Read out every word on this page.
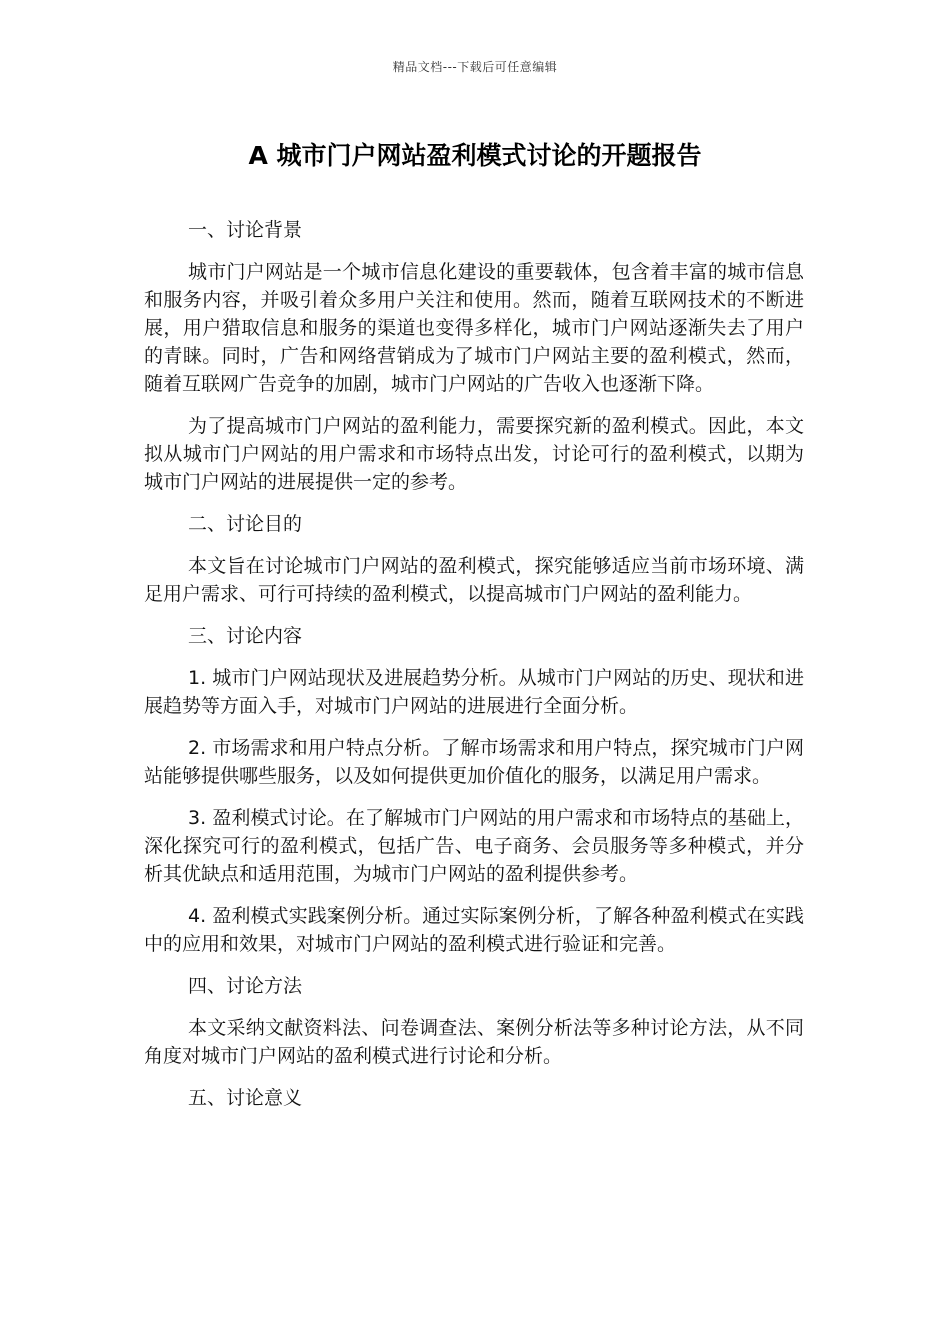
精品文档---下载后可任意编辑
A 城市门户网站盈利模式讨论的开题报告
一、讨论背景

城市门户网站是一个城市信息化建设的重要载体，包含着丰富的城市信息和服务内容，并吸引着众多用户关注和使用。然而，随着互联网技术的不断进展，用户猎取信息和服务的渠道也变得多样化，城市门户网站逐渐失去了用户的青睐。同时，广告和网络营销成为了城市门户网站主要的盈利模式，然而，随着互联网广告竞争的加剧，城市门户网站的广告收入也逐渐下降。

为了提高城市门户网站的盈利能力，需要探究新的盈利模式。因此，本文拟从城市门户网站的用户需求和市场特点出发，讨论可行的盈利模式，以期为城市门户网站的进展提供一定的参考。

二、讨论目的

本文旨在讨论城市门户网站的盈利模式，探究能够适应当前市场环境、满足用户需求、可行可持续的盈利模式，以提高城市门户网站的盈利能力。

三、讨论内容

1. 城市门户网站现状及进展趋势分析。从城市门户网站的历史、现状和进展趋势等方面入手，对城市门户网站的进展进行全面分析。

2. 市场需求和用户特点分析。了解市场需求和用户特点，探究城市门户网站能够提供哪些服务，以及如何提供更加价值化的服务，以满足用户需求。

3. 盈利模式讨论。在了解城市门户网站的用户需求和市场特点的基础上，深化探究可行的盈利模式，包括广告、电子商务、会员服务等多种模式，并分析其优缺点和适用范围，为城市门户网站的盈利提供参考。

4. 盈利模式实践案例分析。通过实际案例分析，了解各种盈利模式在实践中的应用和效果，对城市门户网站的盈利模式进行验证和完善。

四、讨论方法

本文采纳文献资料法、问卷调查法、案例分析法等多种讨论方法，从不同角度对城市门户网站的盈利模式进行讨论和分析。

五、讨论意义
